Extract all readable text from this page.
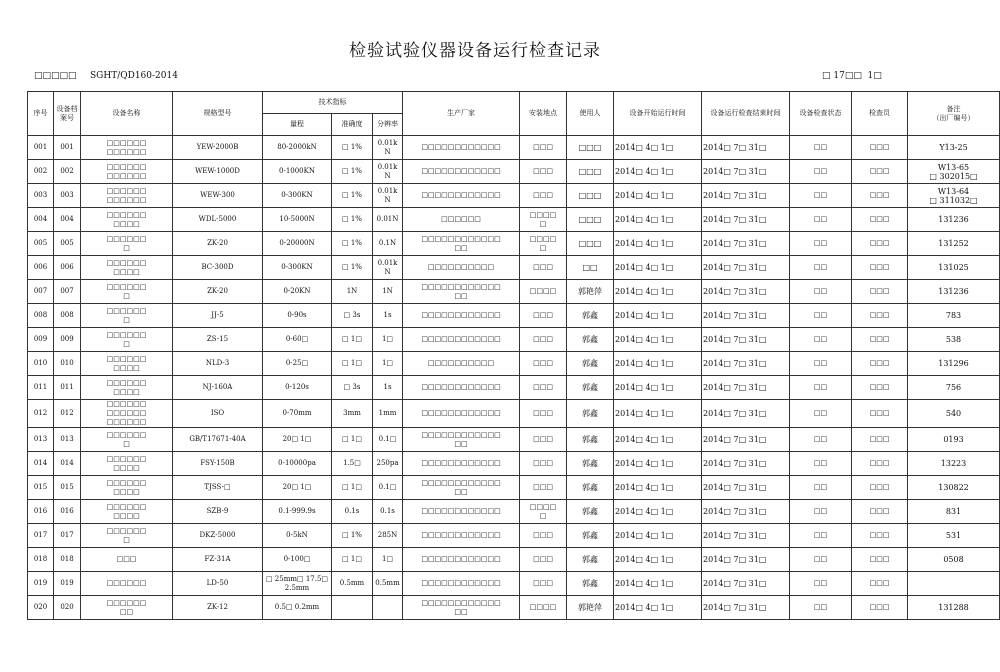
检验试验仪器设备运行检查记录
□□□□□ SGHT/QD160-2014	□ 17□□  1□
序号	设备档案号	设备名称	规格型号	技术指标			生产厂家	安装地点	使用人	设备开始运行时间	设备运行检查结束时间	设备检查状态	检查员	备注
（出厂编号）
				量程	准确度	分辨率								
001	001	□□□□□□
□□□□□□	YEW-2000B	80-2000kN	□ 1%	0.01k
N	□□□□□□□□□□□□	□□□	□□□	2014□ 4□ 1□	2014□ 7□ 31□	□□	□□□	Y13-25
002	002	□□□□□□
□□□□□□	WEW-1000D	0-1000KN	□ 1%	0.01k
N	□□□□□□□□□□□□	□□□	□□□	2014□ 4□ 1□	2014□ 7□ 31□	□□	□□□	W13-65
□ 302015□
003	003	□□□□□□
□□□□□□	WEW-300	0-300KN	□ 1%	0.01k
N	□□□□□□□□□□□□	□□□	□□□	2014□ 4□ 1□	2014□ 7□ 31□	□□	□□□	W13-64
□ 311032□
004	004	□□□□□□
□□□□	WDL-5000	10-5000N	□ 1%	0.01N	□□□□□□	□□□□
□	□□□	2014□ 4□ 1□	2014□ 7□ 31□	□□	□□□	131236
005	005	□□□□□□
□	ZK-20	0-20000N	□ 1%	0.1N	□□□□□□□□□□□□
□□	□□□□
□	□□□	2014□ 4□ 1□	2014□ 7□ 31□	□□	□□□	131252
006	006	□□□□□□
□□□□	BC-300D	0-300KN	□ 1%	0.01k
N	□□□□□□□□□□	□□□	□□	2014□ 4□ 1□	2014□ 7□ 31□	□□	□□□	131025
007	007	□□□□□□
□	ZK-20	0-20KN	1N	1N	□□□□□□□□□□□□
□□	□□□□	郭艳萍	2014□ 4□ 1□	2014□ 7□ 31□	□□	□□□	131236
008	008	□□□□□□
□	JJ-5	0-90s	□ 3s	1s	□□□□□□□□□□□□	□□□	郭鑫	2014□ 4□ 1□	2014□ 7□ 31□	□□	□□□	783
009	009	□□□□□□
□	ZS-15	0-60□	□ 1□	1□	□□□□□□□□□□□□	□□□	郭鑫	2014□ 4□ 1□	2014□ 7□ 31□	□□	□□□	538
010	010	□□□□□□
□□□□	NLD-3	0-25□	□ 1□	1□	□□□□□□□□□□	□□□	郭鑫	2014□ 4□ 1□	2014□ 7□ 31□	□□	□□□	131296
011	011	□□□□□□
□□□□	NJ-160A	0-120s	□ 3s	1s	□□□□□□□□□□□□	□□□	郭鑫	2014□ 4□ 1□	2014□ 7□ 31□	□□	□□□	756
012	012	□□□□□□
□□□□□□
□□□□□□	ISO	0-70mm	3mm	1mm	□□□□□□□□□□□□	□□□	郭鑫	2014□ 4□ 1□	2014□ 7□ 31□	□□	□□□	540
013	013	□□□□□□
□	GB/T17671-40A	20□ 1□	□ 1□	0.1□	□□□□□□□□□□□□
□□	□□□	郭鑫	2014□ 4□ 1□	2014□ 7□ 31□	□□	□□□	0193
014	014	□□□□□□
□□□□	FSY-150B	0-10000pa	1.5□	250pa	□□□□□□□□□□□□	□□□	郭鑫	2014□ 4□ 1□	2014□ 7□ 31□	□□	□□□	13223
015	015	□□□□□□
□□□□	TJSS-□	20□ 1□	□ 1□	0.1□	□□□□□□□□□□□□
□□	□□□	郭鑫	2014□ 4□ 1□	2014□ 7□ 31□	□□	□□□	130822
016	016	□□□□□□
□□□□	SZB-9	0.1-999.9s	0.1s	0.1s	□□□□□□□□□□□□	□□□□
□	郭鑫	2014□ 4□ 1□	2014□ 7□ 31□	□□	□□□	831
017	017	□□□□□□
□	DKZ-5000	0-5kN	□ 1%	285N	□□□□□□□□□□□□	□□□	郭鑫	2014□ 4□ 1□	2014□ 7□ 31□	□□	□□□	531
018	018	□□□	FZ-31A	0-100□	□ 1□	1□	□□□□□□□□□□□□	□□□	郭鑫	2014□ 4□ 1□	2014□ 7□ 31□	□□	□□□	0508
019	019	□□□□□□	LD-50	□ 25mm□ 17.5□
2.5mm	0.5mm	0.5mm	□□□□□□□□□□□□	□□□	郭鑫	2014□ 4□ 1□	2014□ 7□ 31□	□□	□□□	
020	020	□□□□□□
□□	ZK-12	0.5□ 0.2mm			□□□□□□□□□□□□
□□	□□□□	郭艳萍	2014□ 4□ 1□	2014□ 7□ 31□	□□	□□□	131288
